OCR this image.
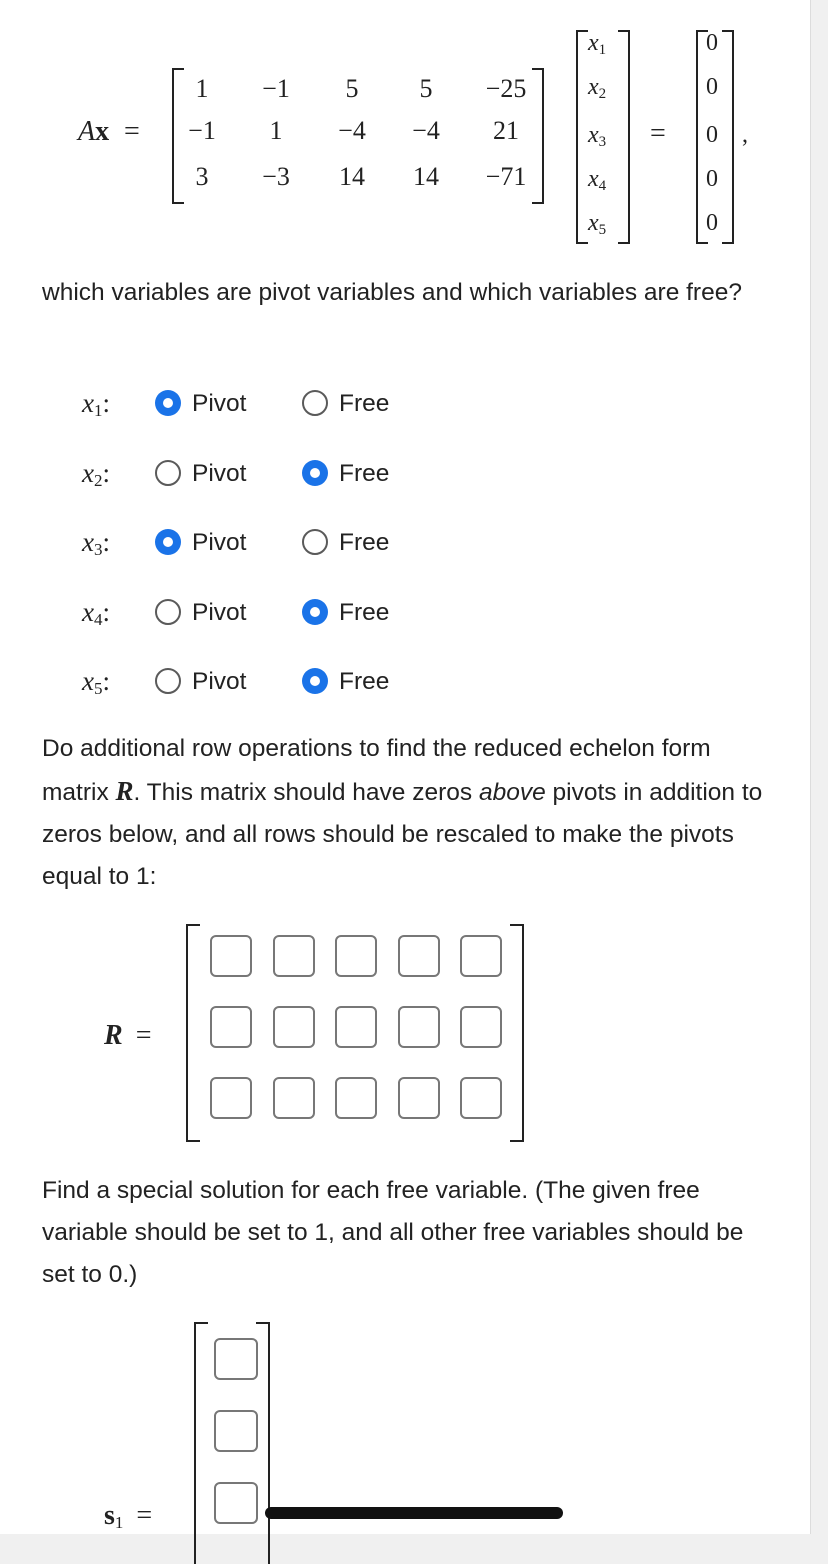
Ax =
1	−1	5	5	−25
−1	1	−4	−4	21
3	−3	14	14	−71
$x_1$
$x_2$
$x_3$
$x_4$
$x_5$
=
0
0
0
0
0
,
which variables are pivot variables and which variables are free?
$x_1$:	Pivot	Free
$x_2$:	Pivot	Free
$x_3$:	Pivot	Free
$x_4$:	Pivot	Free
$x_5$:	Pivot	Free
Do additional row operations to find the reduced echelon form matrix R. This matrix should have zeros above pivots in addition to zeros below, and all rows should be rescaled to make the pivots equal to 1:
R =
Find a special solution for each free variable. (The given free variable should be set to 1, and all other free variables should be set to 0.)
$s_1$ =
